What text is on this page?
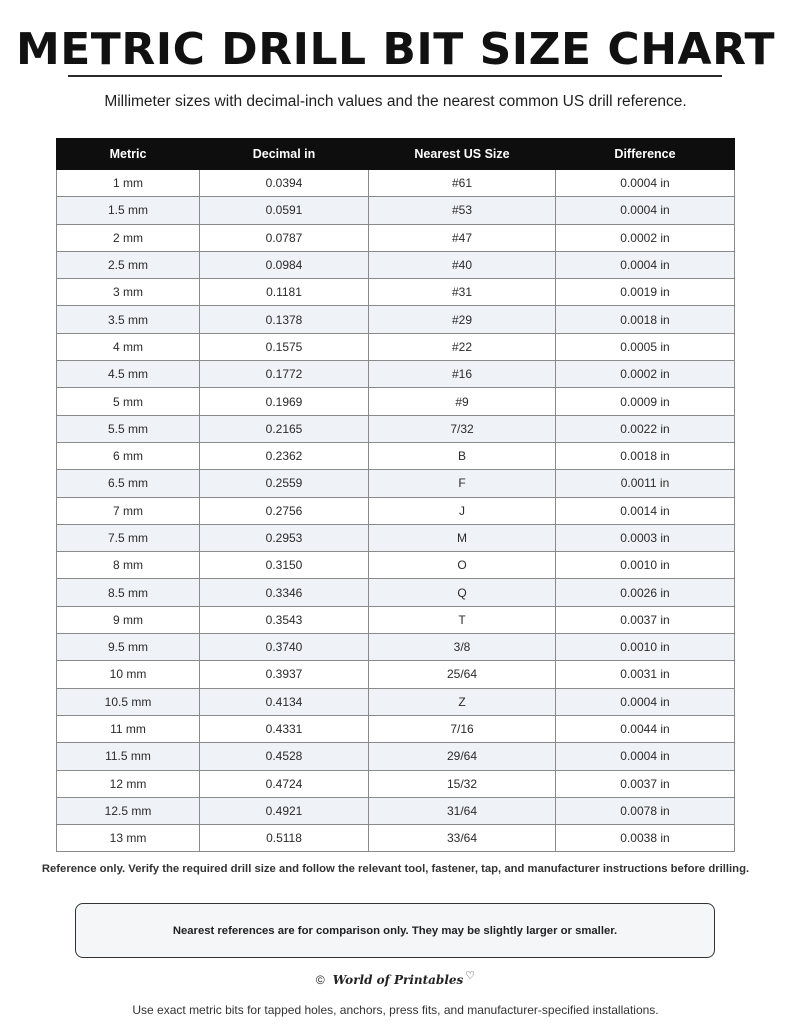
METRIC DRILL BIT SIZE CHART
Millimeter sizes with decimal-inch values and the nearest common US drill reference.
Metric	Decimal in	Nearest US Size	Difference
1 mm	0.0394	#61	0.0004 in
1.5 mm	0.0591	#53	0.0004 in
2 mm	0.0787	#47	0.0002 in
2.5 mm	0.0984	#40	0.0004 in
3 mm	0.1181	#31	0.0019 in
3.5 mm	0.1378	#29	0.0018 in
4 mm	0.1575	#22	0.0005 in
4.5 mm	0.1772	#16	0.0002 in
5 mm	0.1969	#9	0.0009 in
5.5 mm	0.2165	7/32	0.0022 in
6 mm	0.2362	B	0.0018 in
6.5 mm	0.2559	F	0.0011 in
7 mm	0.2756	J	0.0014 in
7.5 mm	0.2953	M	0.0003 in
8 mm	0.3150	O	0.0010 in
8.5 mm	0.3346	Q	0.0026 in
9 mm	0.3543	T	0.0037 in
9.5 mm	0.3740	3/8	0.0010 in
10 mm	0.3937	25/64	0.0031 in
10.5 mm	0.4134	Z	0.0004 in
11 mm	0.4331	7/16	0.0044 in
11.5 mm	0.4528	29/64	0.0004 in
12 mm	0.4724	15/32	0.0037 in
12.5 mm	0.4921	31/64	0.0078 in
13 mm	0.5118	33/64	0.0038 in
Reference only. Verify the required drill size and follow the relevant tool, fastener, tap, and manufacturer instructions before drilling.
Nearest references are for comparison only. They may be slightly larger or smaller.
© World of Printables ♡
Use exact metric bits for tapped holes, anchors, press fits, and manufacturer-specified installations.
